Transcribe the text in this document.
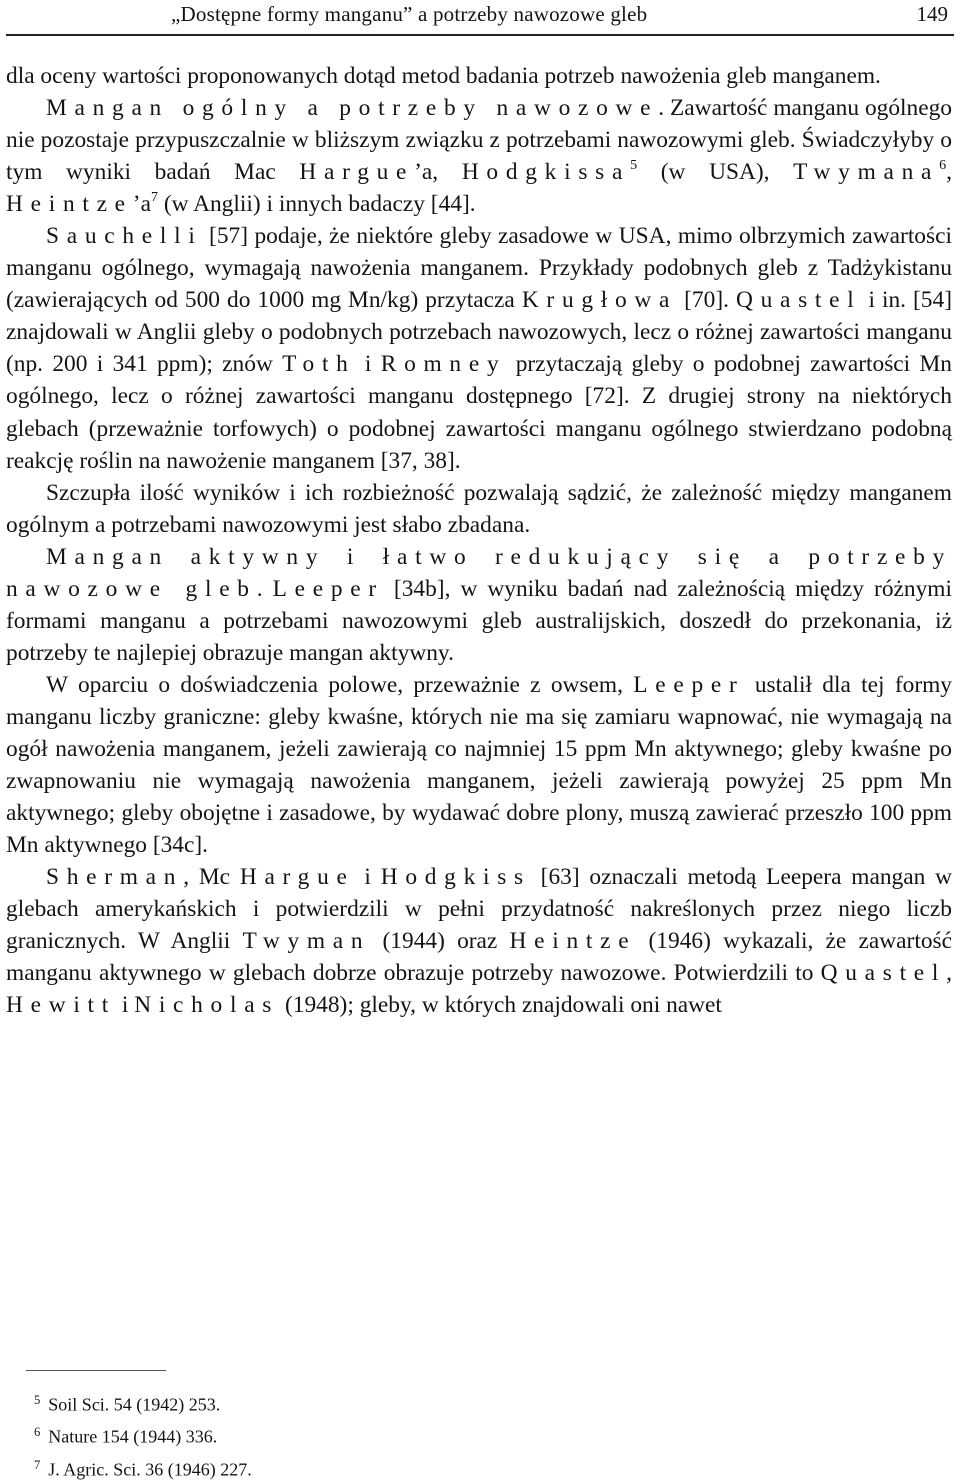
„Dostępne formy manganu” a potrzeby nawozowe gleb	149

dla oceny wartości proponowanych dotąd metod badania potrzeb nawożenia gleb manganem.

Mangan ogólny a potrzeby nawozowe. Zawartość manganu ogólnego nie pozostaje przypuszczalnie w bliższym związku z potrzebami nawozowymi gleb. Świadczyłyby o tym wyniki badań Mac Hargue’a, Hodgkissa$^5$ (w USA), Twymana$^6$, $Heintze’a^7$ (w Anglii) i innych badaczy [44].

Sauchelli [57] podaje, że niektóre gleby zasadowe w USA, mimo olbrzymich zawartości manganu ogólnego, wymagają nawożenia manganem. Przykłady podobnych gleb z Tadżykistanu (zawierających od 500 do 1000 mg Mn/kg) przytacza Krugłowa [70]. Quastel i in. [54] znajdowali w Anglii gleby o podobnych potrzebach nawozowych, lecz o różnej zawartości manganu (np. 200 i 341 ppm); znów Toth i Romney przytaczają gleby o podobnej zawartości Mn ogólnego, lecz o różnej zawartości manganu dostępnego [72]. Z drugiej strony na niektórych glebach (przeważnie torfowych) o podobnej zawartości manganu ogólnego stwierdzano podobną reakcję roślin na nawożenie manganem [37, 38].

Szczupła ilość wyników i ich rozbieżność pozwalają sądzić, że zależność między manganem ogólnym a potrzebami nawozowymi jest słabo zbadana.

Mangan aktywny i łatwo redukujący się a potrzeby nawozowe gleb. Leeper [34b], w wyniku badań nad zależnością między różnymi formami manganu a potrzebami nawozowymi gleb australijskich, doszedł do przekonania, iż potrzeby te najlepiej obrazuje mangan aktywny.

W oparciu o doświadczenia polowe, przeważnie z owsem, Leeper ustalił dla tej formy manganu liczby graniczne: gleby kwaśne, których nie ma się zamiaru wapnować, nie wymagają na ogół nawożenia manganem, jeżeli zawierają co najmniej 15 ppm Mn aktywnego; gleby kwaśne po zwapnowaniu nie wymagają nawożenia manganem, jeżeli zawierają powyżej 25 ppm Mn aktywnego; gleby obojętne i zasadowe, by wydawać dobre plony, muszą zawierać przeszło 100 ppm Mn aktywnego [34c].

Sherman, Mc Hargue i Hodgkiss [63] oznaczali metodą Leepera mangan w glebach amerykańskich i potwierdzili w pełni przydatność nakreślonych przez niego liczb granicznych. W Anglii Twyman (1944) oraz Heintze (1946) wykazali, że zawartość manganu aktywnego w glebach dobrze obrazuje potrzeby nawozowe. Potwierdzili to Quastel, Hewitt i Nicholas (1948); gleby, w których znajdowali oni nawet

$^5$ Soil Sci. 54 (1942) 253.

$^6$ Nature 154 (1944) 336.

$^7$ J. Agric. Sci. 36 (1946) 227.
